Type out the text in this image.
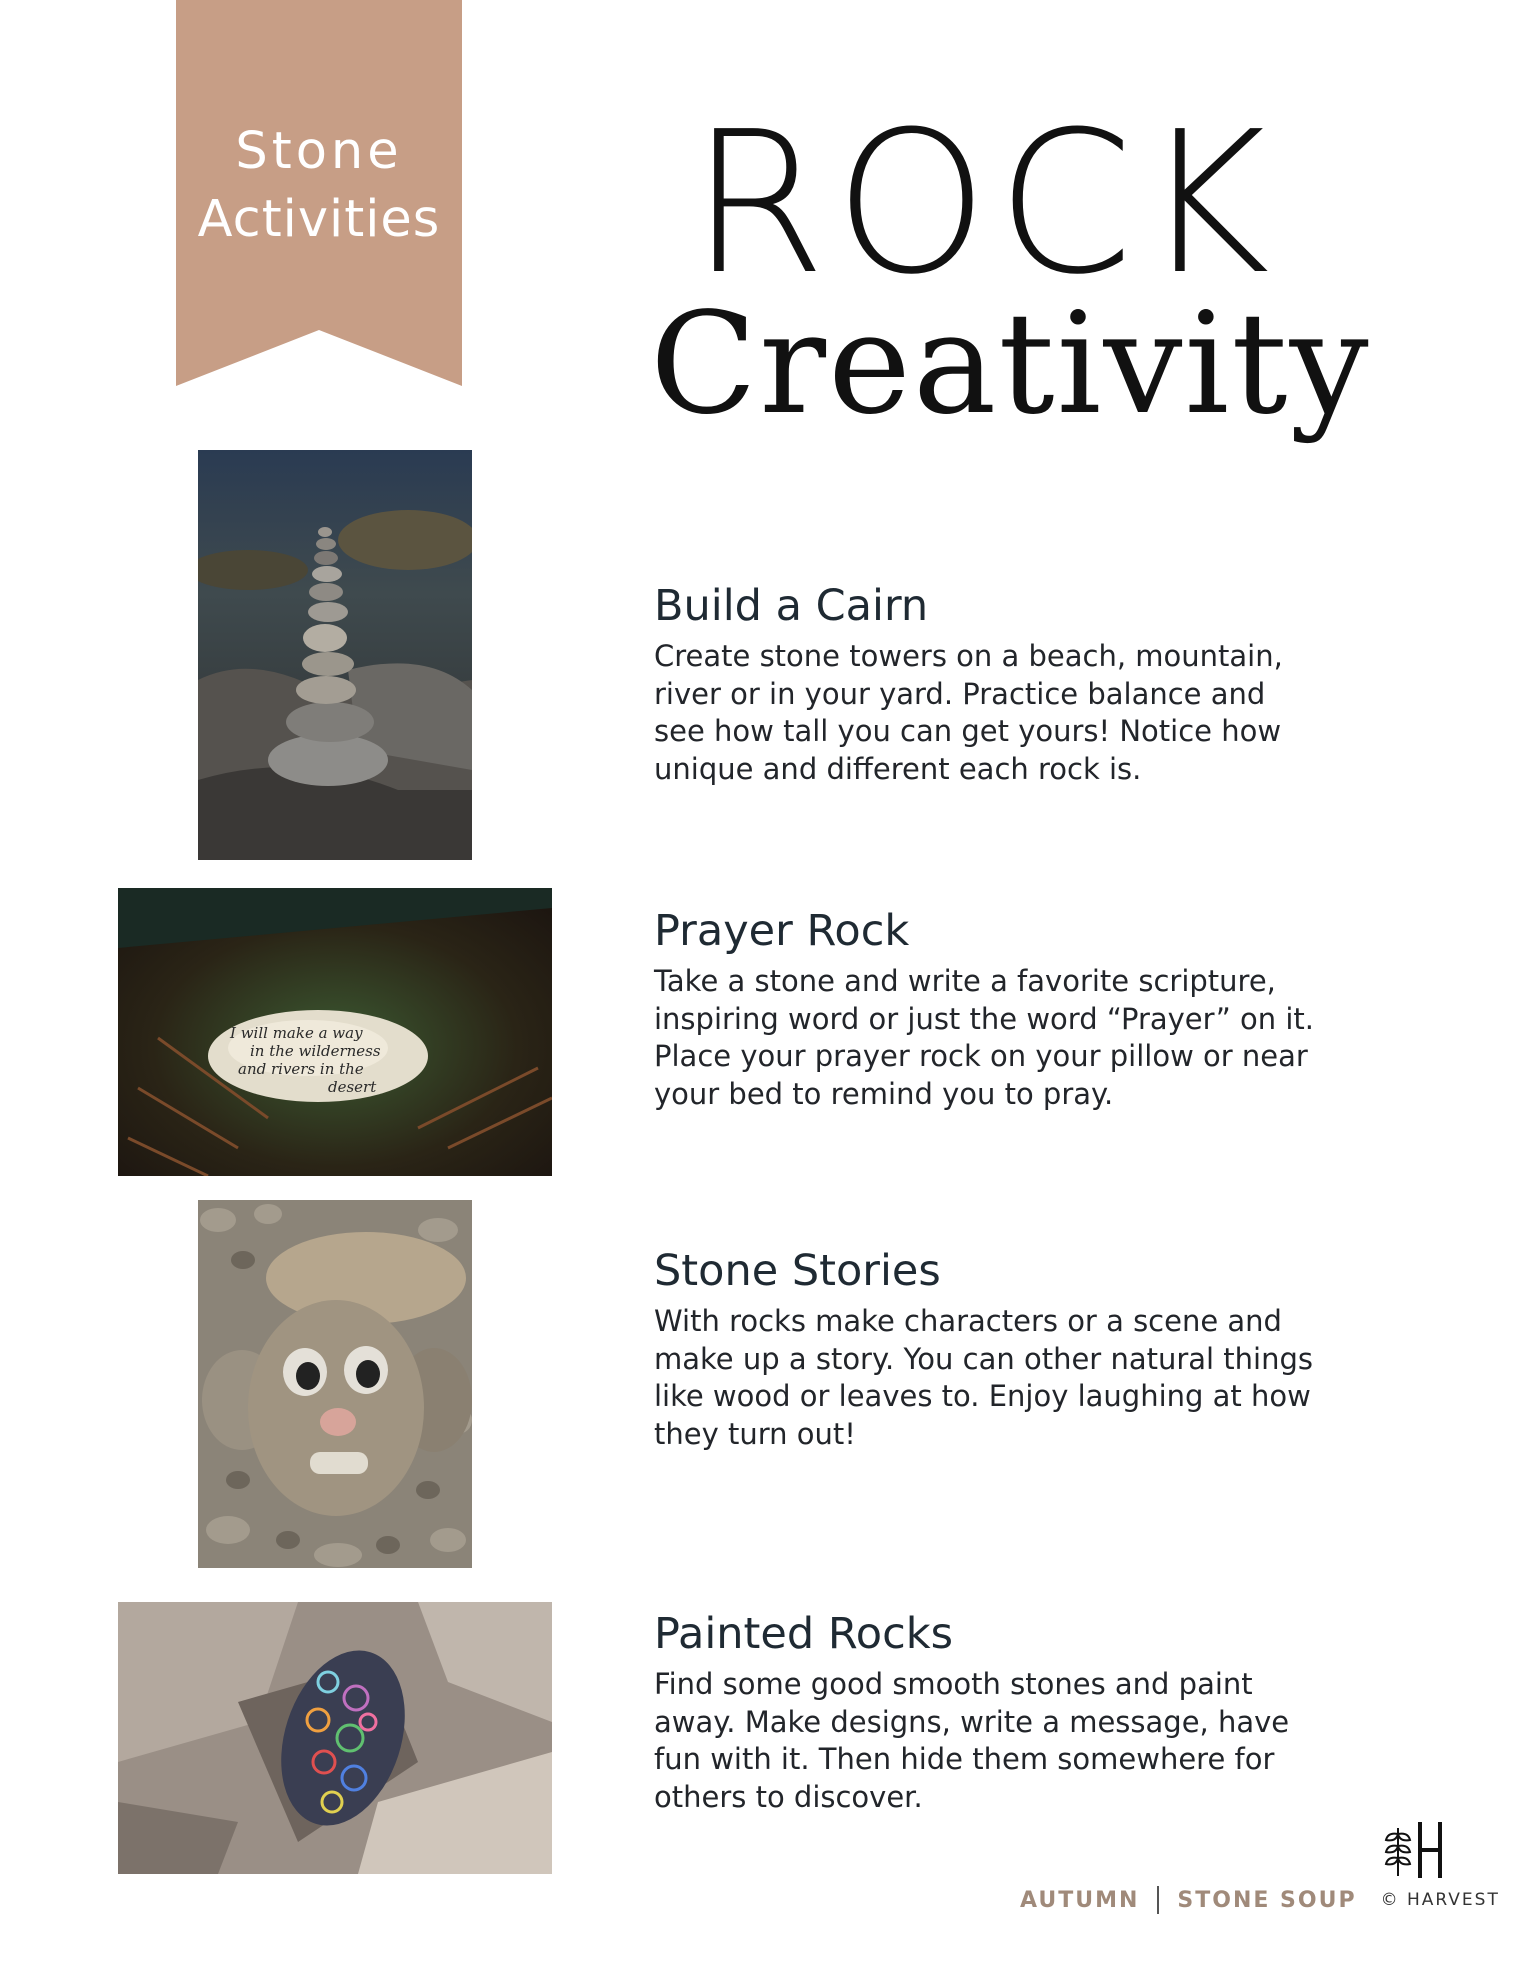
Stone
Activities ROCK
Creativity
I will make a way
in the wilderness
and rivers in the
desert
Build a Cairn

Create stone towers on a beach, mountain, river or in your yard. Practice balance and see how tall you can get yours! Notice how unique and different each rock is.

Prayer Rock

Take a stone and write a favorite scripture, inspiring word or just the word “Prayer” on it. Place your prayer rock on your pillow or near your bed to remind you to pray.

Stone Stories

With rocks make characters or a scene and make up a story. You can other natural things like wood or leaves to. Enjoy laughing at how they turn out!

Painted Rocks

Find some good smooth stones and paint away. Make designs, write a message, have fun with it. Then hide them somewhere for others to discover.

AUTUMN STONE SOUP © HARVEST
